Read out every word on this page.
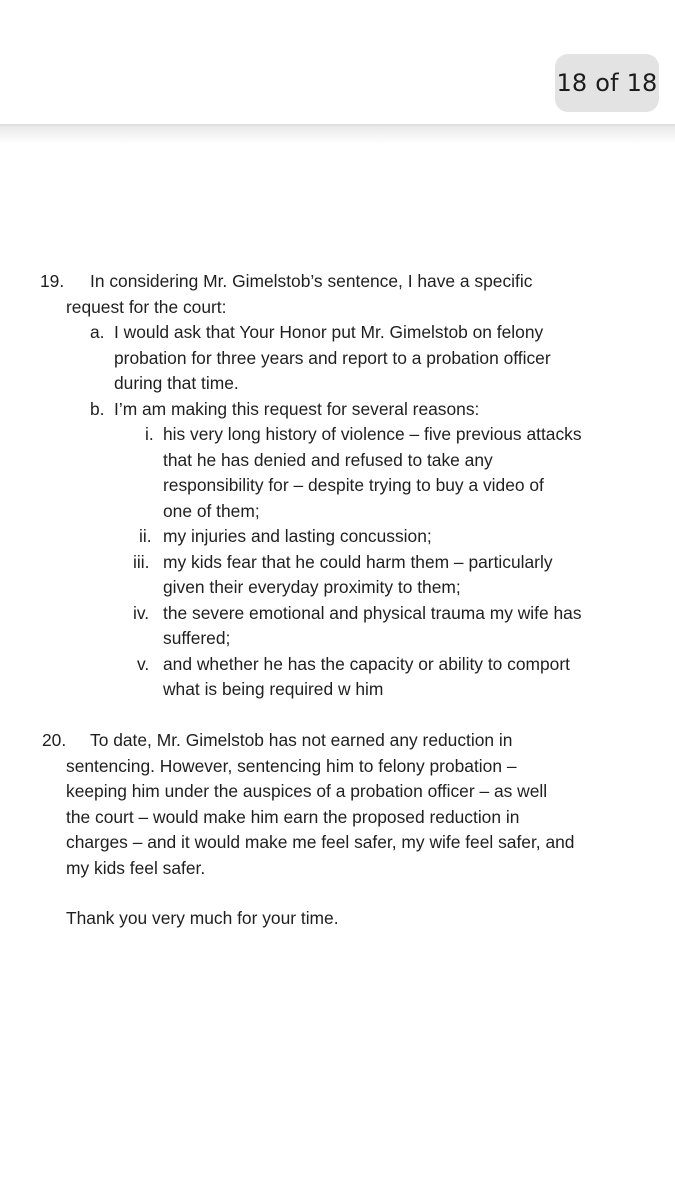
18 of 18
19. In considering Mr. Gimelstob’s sentence, I have a specific
request for the court:
a. I would ask that Your Honor put Mr. Gimelstob on felony
probation for three years and report to a probation officer
during that time.
b. I’m am making this request for several reasons:
i. his very long history of violence – five previous attacks
that he has denied and refused to take any
responsibility for – despite trying to buy a video of
one of them;
ii. my injuries and lasting concussion;
iii. my kids fear that he could harm them – particularly
given their everyday proximity to them;
iv. the severe emotional and physical trauma my wife has
suffered;
v. and whether he has the capacity or ability to comport
what is being required w him
20. To date, Mr. Gimelstob has not earned any reduction in
sentencing. However, sentencing him to felony probation –
keeping him under the auspices of a probation officer – as well
the court – would make him earn the proposed reduction in
charges – and it would make me feel safer, my wife feel safer, and
my kids feel safer.
Thank you very much for your time.
